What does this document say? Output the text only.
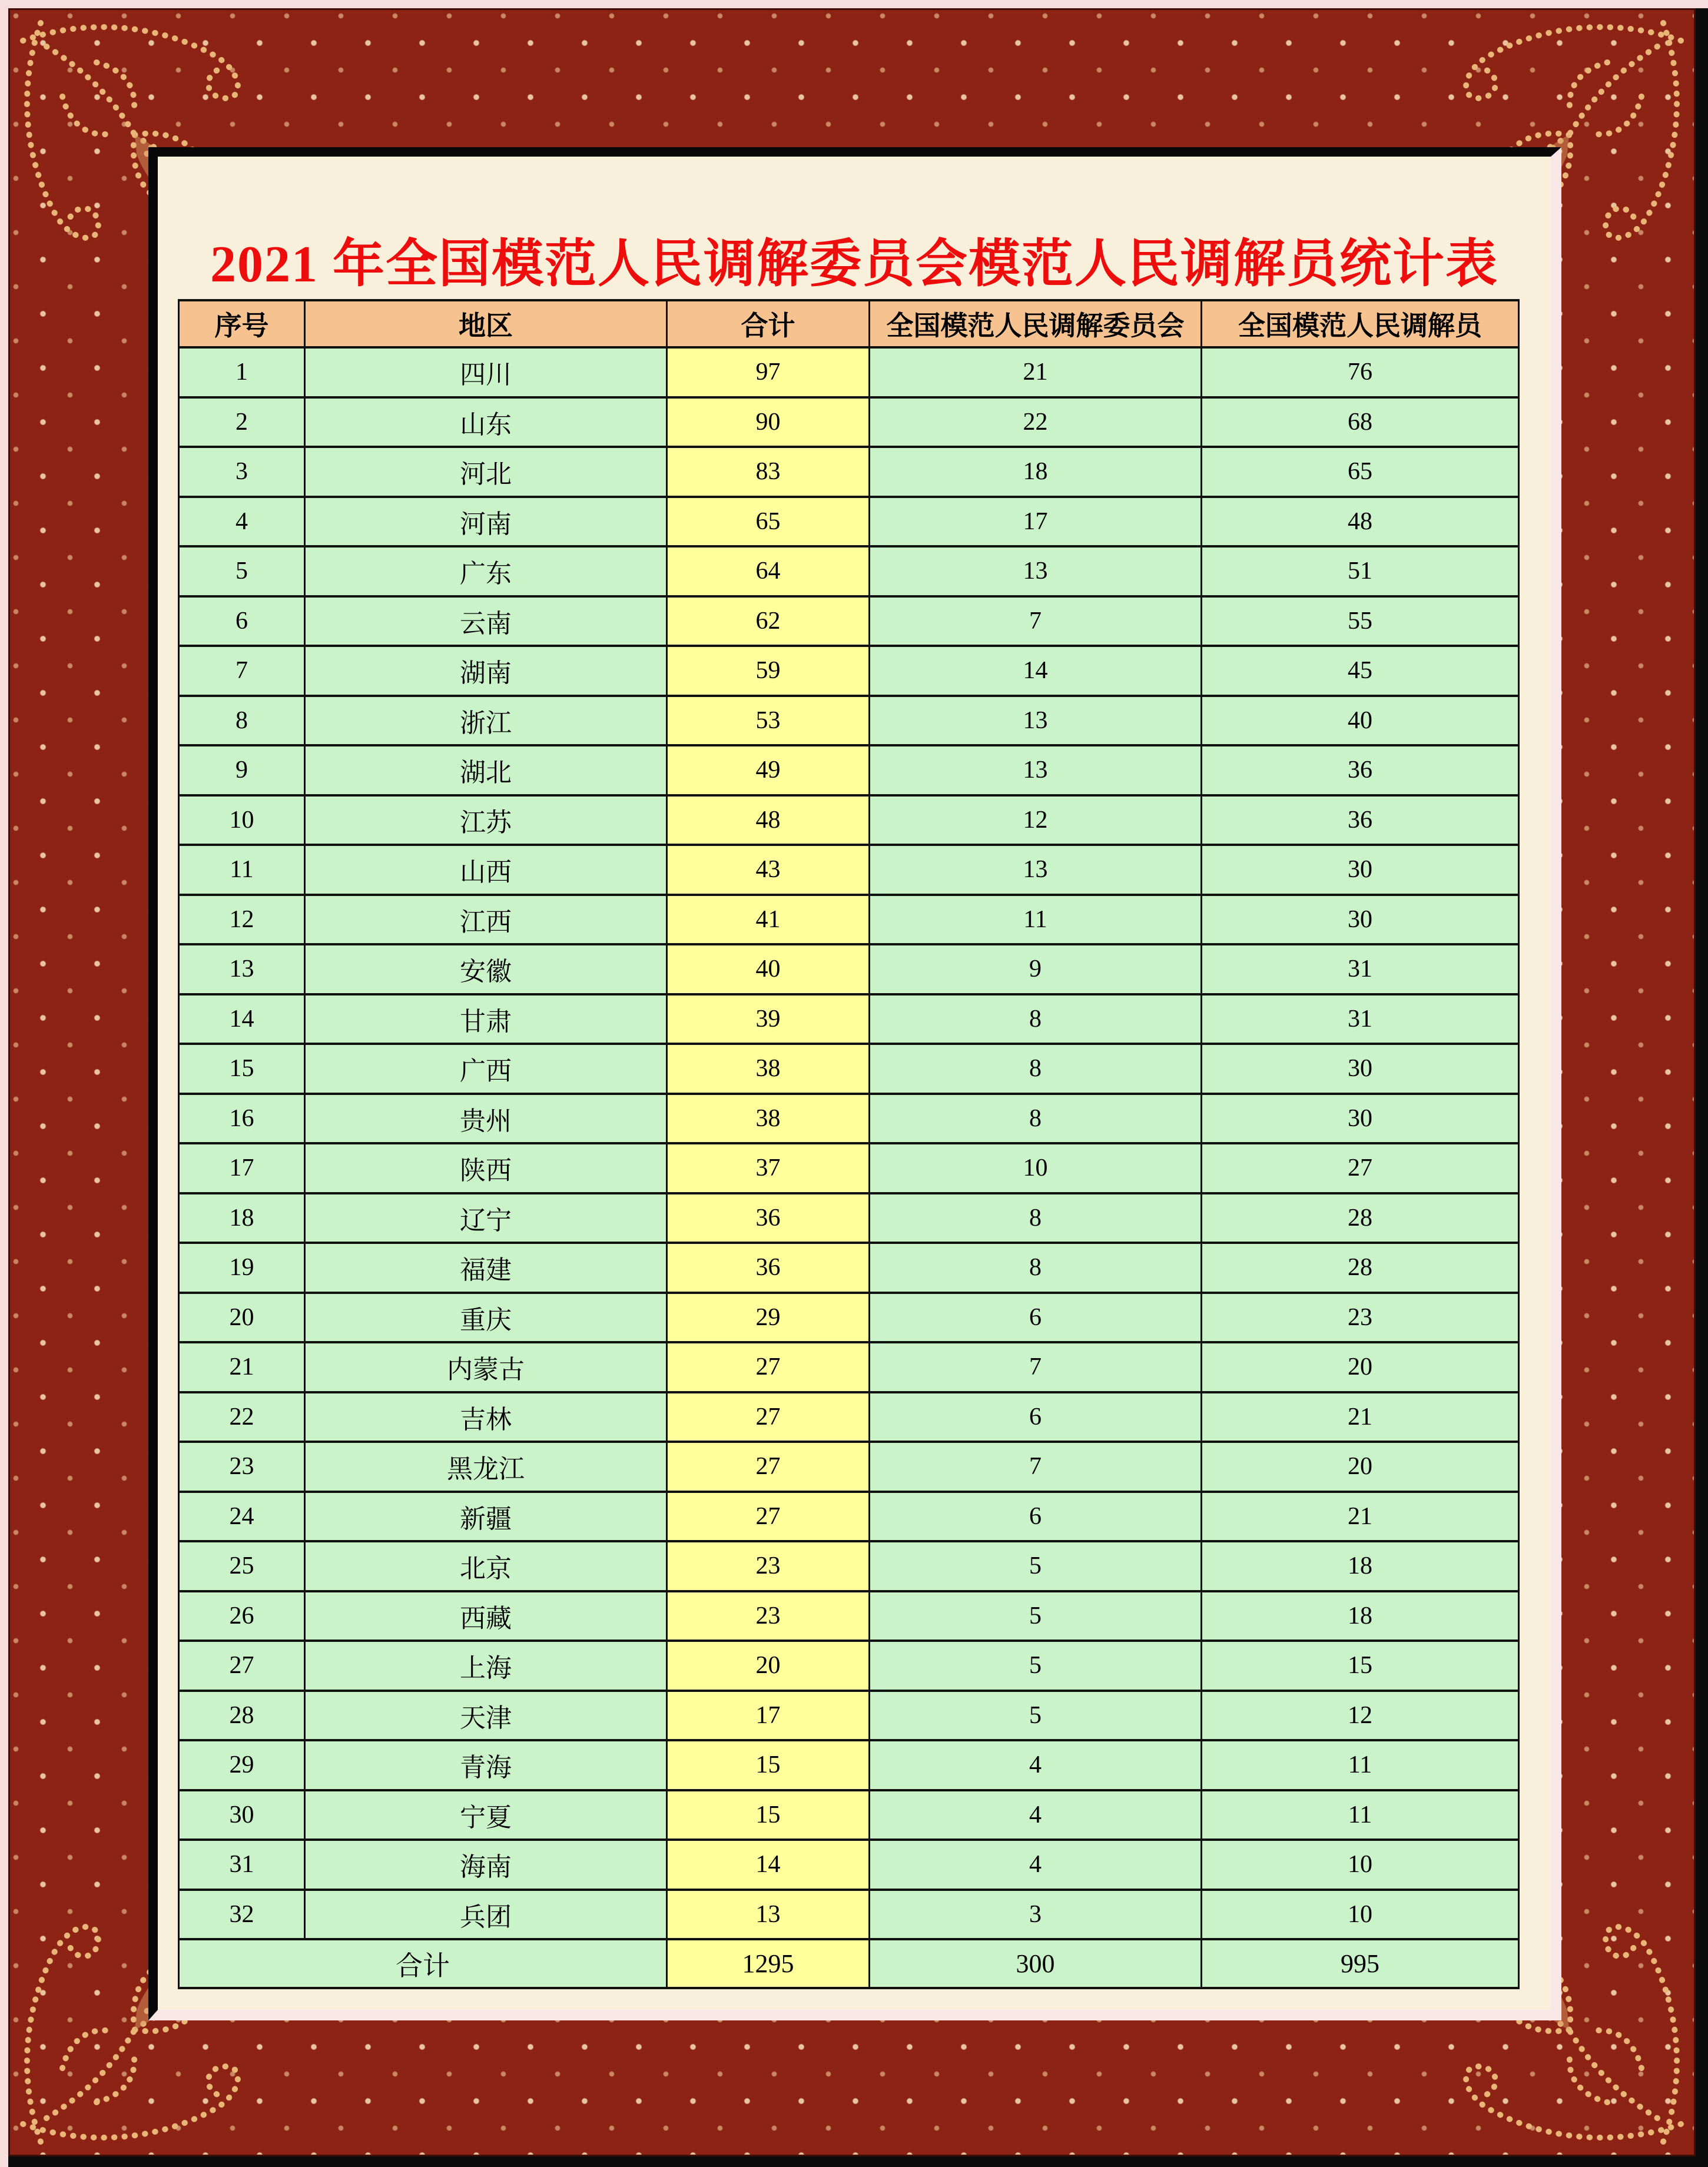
2021 年全国模范人民调解委员会模范人民调解员统计表
序号	地区	合计	全国模范人民调解委员会	全国模范人民调解员
1	四川	97	21	76
2	山东	90	22	68
3	河北	83	18	65
4	河南	65	17	48
5	广东	64	13	51
6	云南	62	7	55
7	湖南	59	14	45
8	浙江	53	13	40
9	湖北	49	13	36
10	江苏	48	12	36
11	山西	43	13	30
12	江西	41	11	30
13	安徽	40	9	31
14	甘肃	39	8	31
15	广西	38	8	30
16	贵州	38	8	30
17	陕西	37	10	27
18	辽宁	36	8	28
19	福建	36	8	28
20	重庆	29	6	23
21	内蒙古	27	7	20
22	吉林	27	6	21
23	黑龙江	27	7	20
24	新疆	27	6	21
25	北京	23	5	18
26	西藏	23	5	18
27	上海	20	5	15
28	天津	17	5	12
29	青海	15	4	11
30	宁夏	15	4	11
31	海南	14	4	10
32	兵团	13	3	10
合计		1295	300	995
